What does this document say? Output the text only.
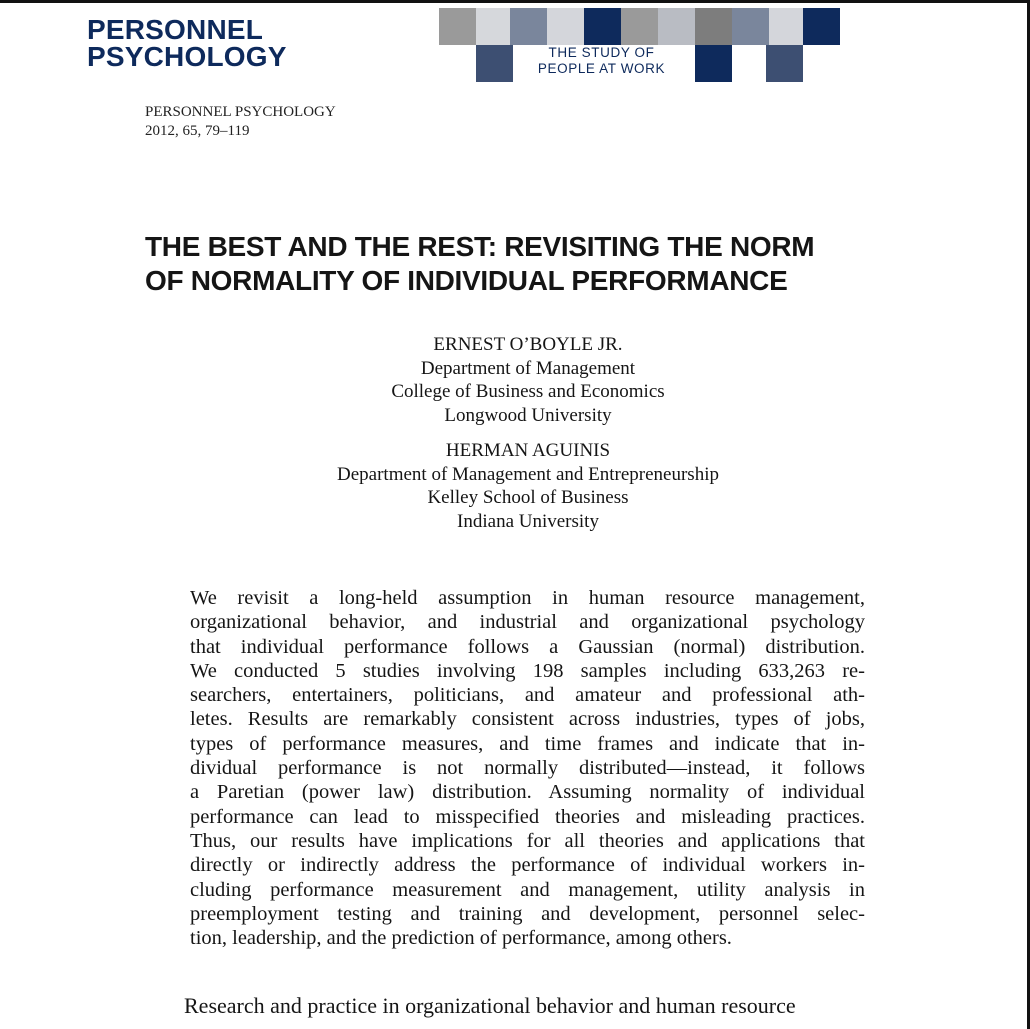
PERSONNEL
PSYCHOLOGY	THE STUDY OF
PEOPLE AT WORK
PERSONNEL PSYCHOLOGY
2012, 65, 79–119
THE BEST AND THE REST: REVISITING THE NORM
OF NORMALITY OF INDIVIDUAL PERFORMANCE
ERNEST O’BOYLE JR.
Department of Management
College of Business and Economics
Longwood University
HERMAN AGUINIS
Department of Management and Entrepreneurship
Kelley School of Business
Indiana University
We revisit a long-held assumption in human resource management,
organizational behavior, and industrial and organizational psychology
that individual performance follows a Gaussian (normal) distribution.
We conducted 5 studies involving 198 samples including 633,263 re-
searchers, entertainers, politicians, and amateur and professional ath-
letes. Results are remarkably consistent across industries, types of jobs,
types of performance measures, and time frames and indicate that in-
dividual performance is not normally distributed—instead, it follows
a Paretian (power law) distribution. Assuming normality of individual
performance can lead to misspecified theories and misleading practices.
Thus, our results have implications for all theories and applications that
directly or indirectly address the performance of individual workers in-
cluding performance measurement and management, utility analysis in
preemployment testing and training and development, personnel selec-
tion, leadership, and the prediction of performance, among others.
Research and practice in organizational behavior and human resource
